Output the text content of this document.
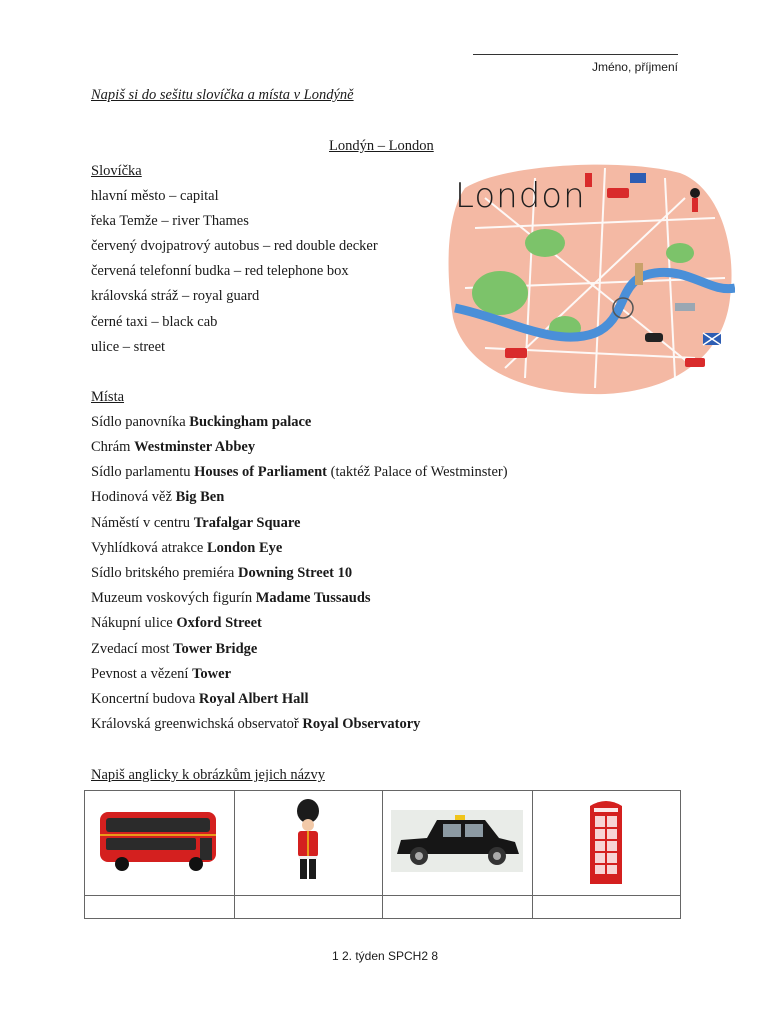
Jméno, příjmení
Napiš si do sešitu slovíčka a místa v Londýně
Londýn – London
Slovíčka
hlavní město – capital
řeka Temže – river Thames
červený dvojpatrový autobus – red double decker
červená telefonní budka – red telephone box
královská stráž – royal guard
černé taxi – black cab
ulice – street
Místa
Sídlo panovníka Buckingham palace
Chrám Westminster Abbey
Sídlo parlamentu Houses of Parliament (taktéž Palace of Westminster)
Hodinová věž Big Ben
Náměstí v centru Trafalgar Square
Vyhlídková atrakce London Eye
Sídlo britského premiéra Downing Street 10
Muzeum voskových figurín Madame Tussauds
Nákupní ulice Oxford Street
Zvedací most Tower Bridge
Pevnost a vězení Tower
Koncertní budova Royal Albert Hall
Královská greenwichská observatoř Royal Observatory
London
Napiš anglicky k obrázkům jejich názvy

1 2. týden SPCH2 8
